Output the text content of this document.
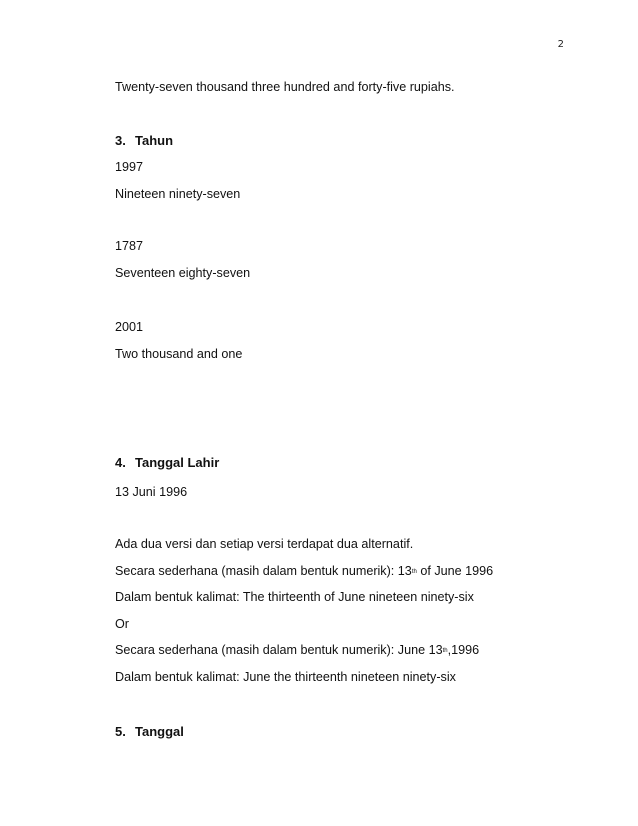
2
Twenty-seven thousand three hundred and forty-five rupiahs.
3. Tahun
1997
Nineteen ninety-seven
1787
Seventeen eighty-seven
2001
Two thousand and one
4. Tanggal Lahir
13 Juni 1996
Ada dua versi dan setiap versi terdapat dua alternatif.
Secara sederhana (masih dalam bentuk numerik): 13th of June 1996
Dalam bentuk kalimat: The thirteenth of June nineteen ninety-six
Or
Secara sederhana (masih dalam bentuk numerik): June 13th,1996
Dalam bentuk kalimat: June the thirteenth nineteen ninety-six
5. Tanggal
